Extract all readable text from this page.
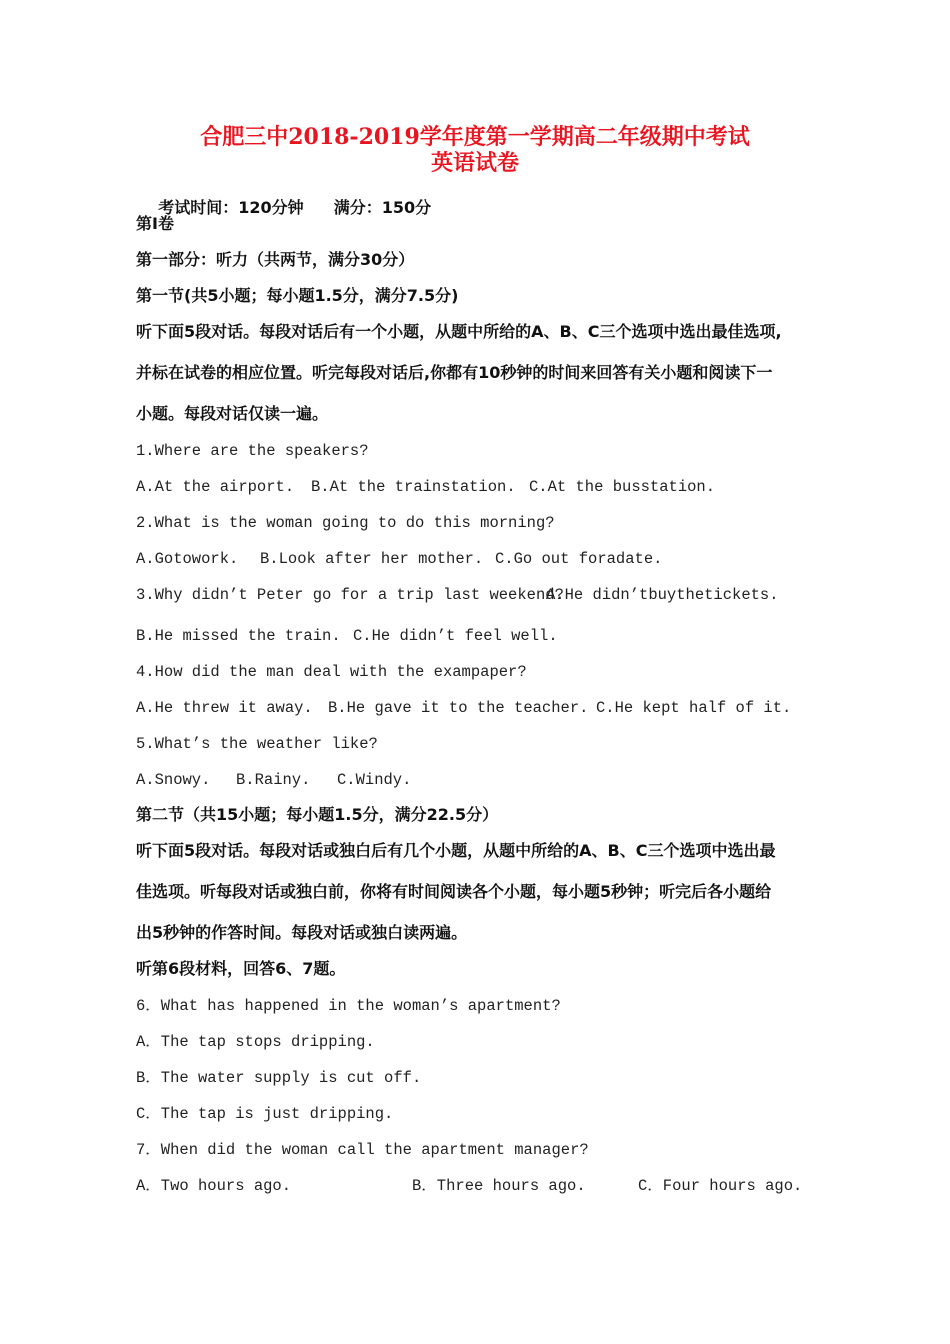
合肥三中2018-2019学年度第一学期高二年级期中考试
英语试卷

考试时间：120分钟 满分：150分

第I卷
第一部分：听力（共两节，满分30分）
第一节(共5小题；每小题1.5分，满分7.5分)
听下面5段对话。每段对话后有一个小题，从题中所给的A、B、C三个选项中选出最佳选项,
并标在试卷的相应位置。听完每段对话后,你都有10秒钟的时间来回答有关小题和阅读下一
小题。每段对话仅读一遍。
1.Where are the speakers?

A.At the airport.

B.At the trainstation.

C.At the busstation.

2.What is the woman going to do this morning?

A.Gotowork.

B.Look after her mother.

C.Go out foradate.

3.Why didn’t Peter go for a trip last weekend?

A.He didn’tbuythetickets.

B.He missed the train.

C.He didn’t feel well.

4.How did the man deal with the exampaper?

A.He threw it away.

B.He gave it to the teacher.

C.He kept half of it.

5.What’s the weather like?

A.Snowy.

B.Rainy.

C.Windy.

第二节（共15小题；每小题1.5分，满分22.5分）
听下面5段对话。每段对话或独白后有几个小题，从题中所给的A、B、C三个选项中选出最
佳选项。听每段对话或独白前，你将有时间阅读各个小题，每小题5秒钟；听完后各小题给
出5秒钟的作答时间。每段对话或独白读两遍。
听第6段材料，回答6、7题。
6．What has happened in the woman’s apartment?
A．The tap stops dripping.
B．The water supply is cut off.
C．The tap is just dripping.
7．When did the woman call the apartment manager?

A．Two hours ago.

	B．Three hours ago.

	C．Four hours ago.
